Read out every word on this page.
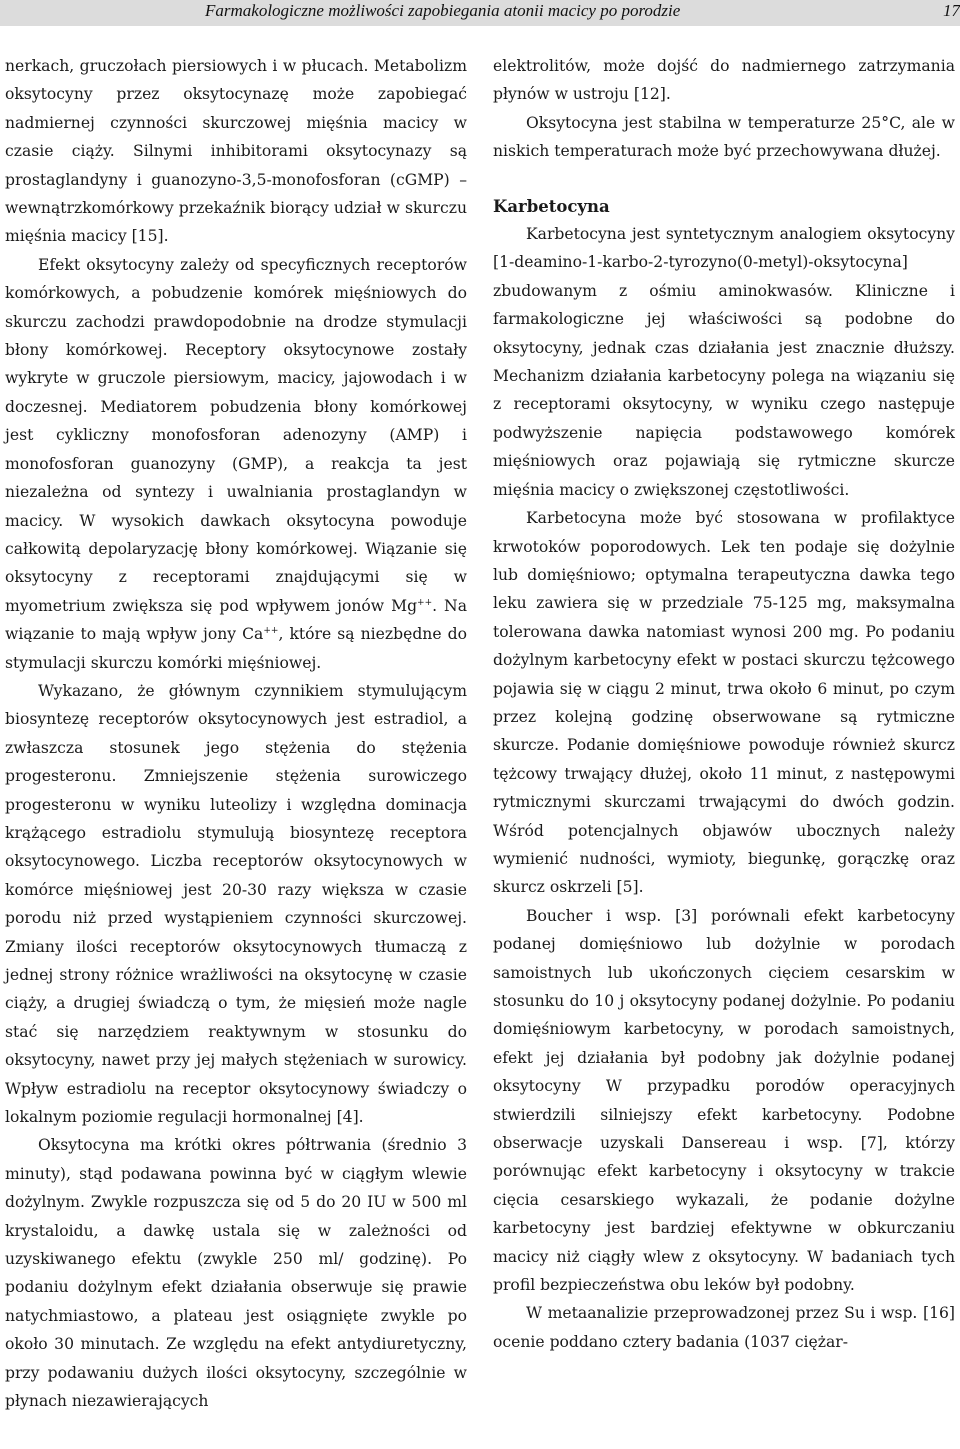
Farmakologiczne możliwości zapobiegania atonii macicy po porodzie	17

nerkach, gruczołach piersiowych i w płucach. Metabolizm oksytocyny przez oksytocynazę może zapobiegać nadmiernej czynności skurczowej mięśnia macicy w czasie ciąży. Silnymi inhibitorami oksytocynazy są prostaglandyny i guanozyno-3,5-monofosforan (cGMP) – wewnątrzkomórkowy przekaźnik biorący udział w skurczu mięśnia macicy [15].

Efekt oksytocyny zależy od specyficznych receptorów komórkowych, a pobudzenie komórek mięśniowych do skurczu zachodzi prawdopodobnie na drodze stymulacji błony komórkowej. Receptory oksytocynowe zostały wykryte w gruczole piersiowym, macicy, jajowodach i w doczesnej. Mediatorem pobudzenia błony komórkowej jest cykliczny monofosforan adenozyny (AMP) i monofosforan guanozyny (GMP), a reakcja ta jest niezależna od syntezy i uwalniania prostaglandyn w macicy. W wysokich dawkach oksytocyna powoduje całkowitą depolaryzację błony komórkowej. Wiązanie się oksytocyny z receptorami znajdującymi się w myometrium zwiększa się pod wpływem jonów Mg++. Na wiązanie to mają wpływ jony Ca++, które są niezbędne do stymulacji skurczu komórki mięśniowej.

Wykazano, że głównym czynnikiem stymulującym biosyntezę receptorów oksytocynowych jest estradiol, a zwłaszcza stosunek jego stężenia do stężenia progesteronu. Zmniejszenie stężenia surowiczego progesteronu w wyniku luteolizy i względna dominacja krążącego estradiolu stymulują biosyntezę receptora oksytocynowego. Liczba receptorów oksytocynowych w komórce mięśniowej jest 20-30 razy większa w czasie porodu niż przed wystąpieniem czynności skurczowej. Zmiany ilości receptorów oksytocynowych tłumaczą z jednej strony różnice wrażliwości na oksytocynę w czasie ciąży, a drugiej świadczą o tym, że mięsień może nagle stać się narzędziem reaktywnym w stosunku do oksytocyny, nawet przy jej małych stężeniach w surowicy. Wpływ estradiolu na receptor oksytocynowy świadczy o lokalnym poziomie regulacji hormonalnej [4].

Oksytocyna ma krótki okres półtrwania (średnio 3 minuty), stąd podawana powinna być w ciągłym wlewie dożylnym. Zwykle rozpuszcza się od 5 do 20 IU w 500 ml krystaloidu, a dawkę ustala się w zależności od uzyskiwanego efektu (zwykle 250 ml/ godzinę). Po podaniu dożylnym efekt działania obserwuje się prawie natychmiastowo, a plateau jest osiągnięte zwykle po około 30 minutach. Ze względu na efekt antydiuretyczny, przy podawaniu dużych ilości oksytocyny, szczególnie w płynach niezawierających

elektrolitów, może dojść do nadmiernego zatrzymania płynów w ustroju [12].

Oksytocyna jest stabilna w temperaturze 25°C, ale w niskich temperaturach może być przechowywana dłużej.

Karbetocyna

Karbetocyna jest syntetycznym analogiem oksytocyny [1-deamino-1-karbo-2-tyrozyno(0-metyl)-oksytocyna] zbudowanym z ośmiu aminokwasów. Kliniczne i farmakologiczne jej właściwości są podobne do oksytocyny, jednak czas działania jest znacznie dłuższy. Mechanizm działania karbetocyny polega na wiązaniu się z receptorami oksytocyny, w wyniku czego następuje podwyższenie napięcia podstawowego komórek mięśniowych oraz pojawiają się rytmiczne skurcze mięśnia macicy o zwiększonej częstotliwości.

Karbetocyna może być stosowana w profilaktyce krwotoków poporodowych. Lek ten podaje się dożylnie lub domięśniowo; optymalna terapeutyczna dawka tego leku zawiera się w przedziale 75-125 mg, maksymalna tolerowana dawka natomiast wynosi 200 mg. Po podaniu dożylnym karbetocyny efekt w postaci skurczu tężcowego pojawia się w ciągu 2 minut, trwa około 6 minut, po czym przez kolejną godzinę obserwowane są rytmiczne skurcze. Podanie domięśniowe powoduje również skurcz tężcowy trwający dłużej, około 11 minut, z następowymi rytmicznymi skurczami trwającymi do dwóch godzin. Wśród potencjalnych objawów ubocznych należy wymienić nudności, wymioty, biegunkę, gorączkę oraz skurcz oskrzeli [5].

Boucher i wsp. [3] porównali efekt karbetocyny podanej domięśniowo lub dożylnie w porodach samoistnych lub ukończonych cięciem cesarskim w stosunku do 10 j oksytocyny podanej dożylnie. Po podaniu domięśniowym karbetocyny, w porodach samoistnych, efekt jej działania był podobny jak dożylnie podanej oksytocyny W przypadku porodów operacyjnych stwierdzili silniejszy efekt karbetocyny. Podobne obserwacje uzyskali Dansereau i wsp. [7], którzy porównując efekt karbetocyny i oksytocyny w trakcie cięcia cesarskiego wykazali, że podanie dożylne karbetocyny jest bardziej efektywne w obkurczaniu macicy niż ciągły wlew z oksytocyny. W badaniach tych profil bezpieczeństwa obu leków był podobny.

W metaanalizie przeprowadzonej przez Su i wsp. [16] ocenie poddano cztery badania (1037 ciężar-
